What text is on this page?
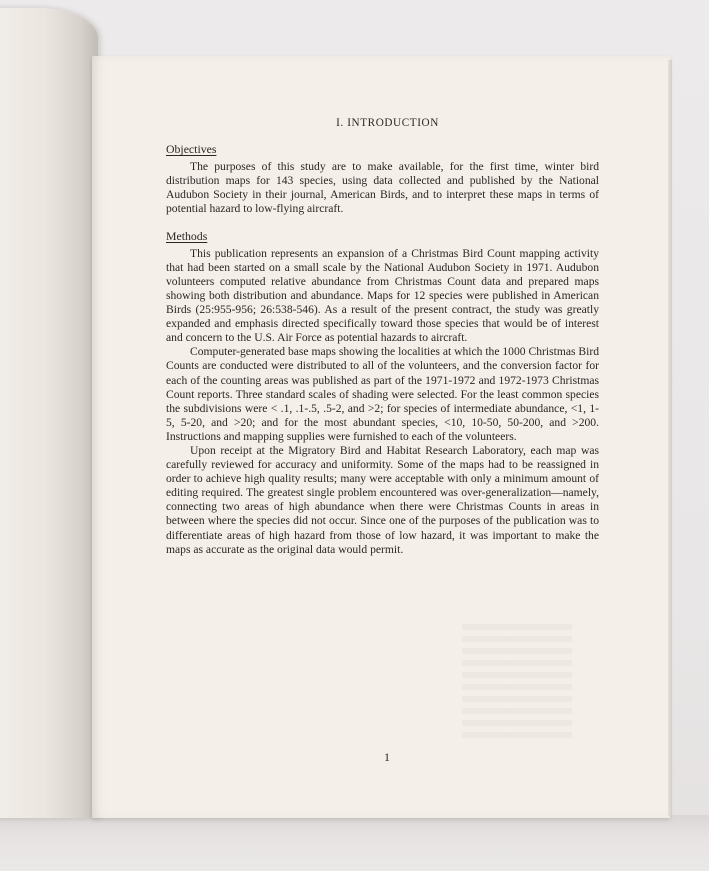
I. INTRODUCTION
Objectives

The purposes of this study are to make available, for the first time, winter bird distribution maps for 143 species, using data collected and published by the National Audubon Society in their journal, American Birds, and to interpret these maps in terms of potential hazard to low-flying aircraft.

Methods

This publication represents an expansion of a Christmas Bird Count mapping activity that had been started on a small scale by the National Audubon Society in 1971. Audubon volunteers computed relative abundance from Christmas Count data and prepared maps showing both distribution and abundance. Maps for 12 species were published in American Birds (25:955-956; 26:538-546). As a result of the present contract, the study was greatly expanded and emphasis directed specifically toward those species that would be of interest and concern to the U.S. Air Force as potential hazards to aircraft.

Computer-generated base maps showing the localities at which the 1000 Christmas Bird Counts are conducted were distributed to all of the volunteers, and the conversion factor for each of the counting areas was published as part of the 1971-1972 and 1972-1973 Christmas Count reports. Three standard scales of shading were selected. For the least common species the subdivisions were < .1, .1-.5, .5-2, and >2; for species of intermediate abundance, <1, 1-5, 5-20, and >20; and for the most abundant species, <10, 10-50, 50-200, and >200. Instructions and mapping supplies were furnished to each of the volunteers.

Upon receipt at the Migratory Bird and Habitat Research Laboratory, each map was carefully reviewed for accuracy and uniformity. Some of the maps had to be reassigned in order to achieve high quality results; many were acceptable with only a minimum amount of editing required. The greatest single problem encountered was over-generalization—namely, connecting two areas of high abundance when there were Christmas Counts in areas in between where the species did not occur. Since one of the purposes of the publication was to differentiate areas of high hazard from those of low hazard, it was important to make the maps as accurate as the original data would permit.

1
